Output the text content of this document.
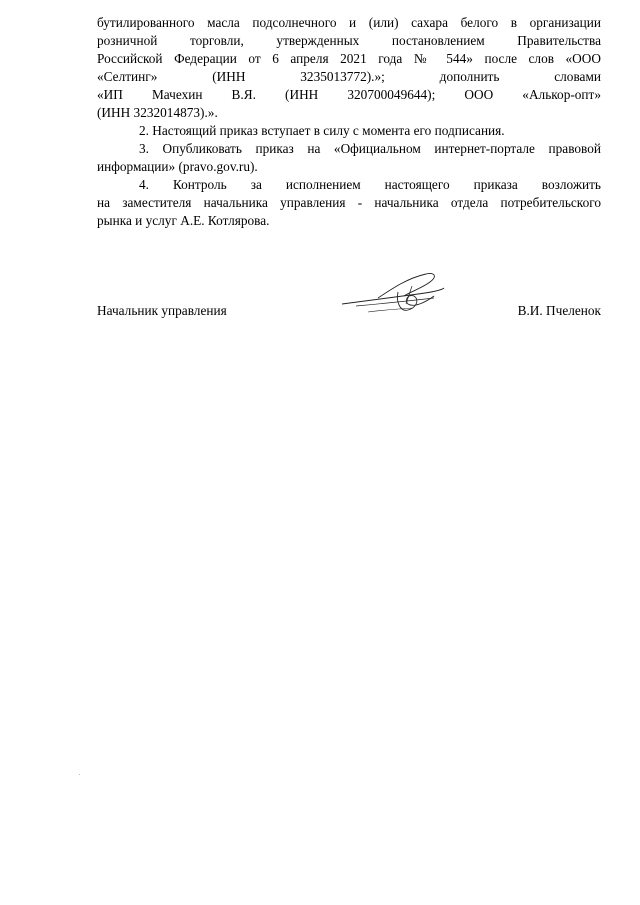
бутилированного масла подсолнечного и (или) сахара белого в организации
розничной торговли, утвержденных постановлением Правительства
Российской Федерации от 6 апреля 2021 года № 544» после слов «ООО
«Селтинг» (ИНН 3235013772).»; дополнить словами
«ИП Мачехин В.Я. (ИНН 320700049644); ООО «Алькор-опт»
(ИНН 3232014873).».

2. Настоящий приказ вступает в силу с момента его подписания.

3. Опубликовать приказ на «Официальном интернет-портале правовой
информации» (pravo.gov.ru).

4. Контроль за исполнением настоящего приказа возложить
на заместителя начальника управления - начальника отдела потребительского
рынка и услуг А.Е. Котлярова.

Начальник управления	В.И. Пчеленок
